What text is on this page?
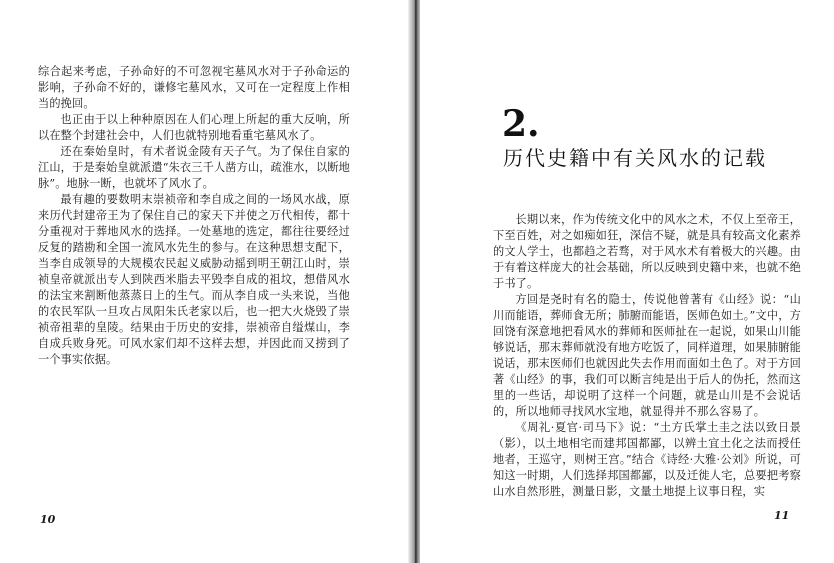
综合起来考虑，子孙命好的不可忽视宅墓风水对于子孙命运的影响，子孙命不好的，谦修宅墓风水，又可在一定程度上作相当的挽回。

也正由于以上种种原因在人们心理上所起的重大反响，所以在整个封建社会中，人们也就特别地看重宅墓风水了。

还在秦始皇时，有术者说金陵有天子气。为了保住自家的江山，于是秦始皇就派遣“朱衣三千人凿方山，疏淮水，以断地脉”。地脉一断，也就坏了风水了。

最有趣的要数明末崇祯帝和李自成之间的一场风水战，原来历代封建帝王为了保住自己的家天下并使之万代相传，都十分重视对于葬地风水的选择。一处墓地的选定，都往往要经过反复的踏勘和全国一流风水先生的参与。在这种思想支配下，当李自成领导的大规模农民起义威胁动摇到明王朝江山时，崇祯皇帝就派出专人到陕西米脂去平毁李自成的祖坟，想借风水的法宝来割断他蒸蒸日上的生气。而从李自成一头来说，当他的农民军队一旦攻占凤阳朱氏老家以后，也一把大火烧毁了崇祯帝祖辈的皇陵。结果由于历史的安排，崇祯帝自缢煤山，李自成兵败身死。可风水家们却不这样去想，并因此而又捞到了一个事实依据。

10
2.
历代史籍中有关风水的记载

长期以来，作为传统文化中的风水之术，不仅上至帝王，下至百姓，对之如痴如狂，深信不疑，就是具有较高文化素养的文人学士，也都趋之若骛，对于风水术有着极大的兴趣。由于有着这样庞大的社会基础，所以反映到史籍中来，也就不绝于书了。

方回是尧时有名的隐士，传说他曾著有《山经》说：“山川而能语，葬师食无所；肺腑而能语，医师色如土。”文中，方回饶有深意地把看风水的葬师和医师扯在一起说，如果山川能够说话，那末葬师就没有地方吃饭了，同样道理，如果肺腑能说话，那末医师们也就因此失去作用而面如土色了。对于方回著《山经》的事，我们可以断言纯是出于后人的伪托，然而这里的一些话，却说明了这样一个问题，就是山川是不会说话的，所以地师寻找风水宝地，就显得并不那么容易了。

《周礼·夏官·司马下》说：“土方氏掌土圭之法以致日景（影），以土地相宅而建邦国都鄙，以辨土宜土化之法而授任地者，王巡守，则树王宫。”结合《诗经·大雅·公刘》所说，可知这一时期，人们选择邦国都鄙，以及迁徙人宅，总要把考察山水自然形胜，测量日影，文量土地提上议事日程，实

11
